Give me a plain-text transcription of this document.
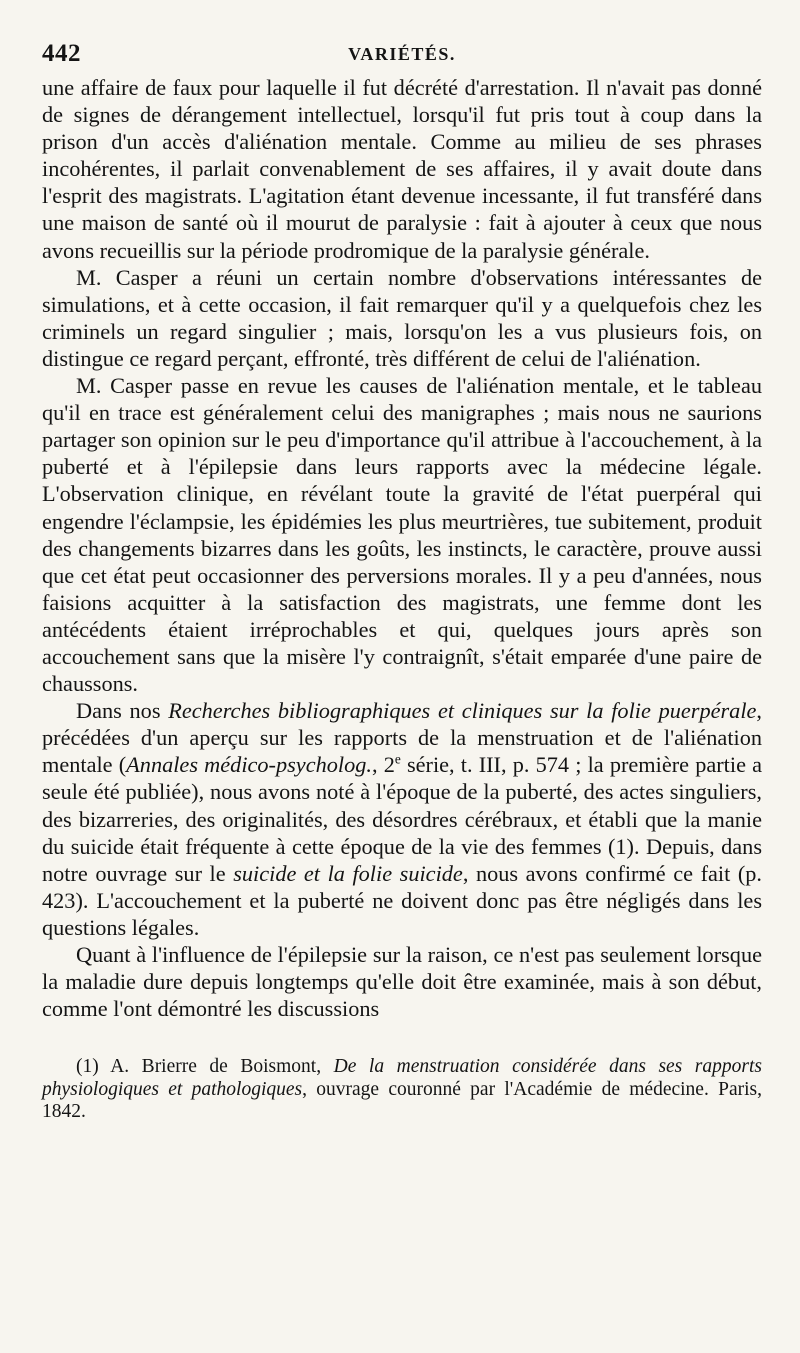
442	VARIÉTÉS.

une affaire de faux pour laquelle il fut décrété d'arrestation. Il n'avait pas donné de signes de dérangement intellectuel, lorsqu'il fut pris tout à coup dans la prison d'un accès d'aliénation mentale. Comme au milieu de ses phrases incohérentes, il parlait convenablement de ses affaires, il y avait doute dans l'esprit des magistrats. L'agitation étant devenue incessante, il fut transféré dans une maison de santé où il mourut de paralysie : fait à ajouter à ceux que nous avons recueillis sur la période prodromique de la paralysie générale.

M. Casper a réuni un certain nombre d'observations intéressantes de simulations, et à cette occasion, il fait remarquer qu'il y a quelquefois chez les criminels un regard singulier ; mais, lorsqu'on les a vus plusieurs fois, on distingue ce regard perçant, effronté, très différent de celui de l'aliénation.

M. Casper passe en revue les causes de l'aliénation mentale, et le tableau qu'il en trace est généralement celui des manigraphes ; mais nous ne saurions partager son opinion sur le peu d'importance qu'il attribue à l'accouchement, à la puberté et à l'épilepsie dans leurs rapports avec la médecine légale. L'observation clinique, en révélant toute la gravité de l'état puerpéral qui engendre l'éclampsie, les épidémies les plus meurtrières, tue subitement, produit des changements bizarres dans les goûts, les instincts, le caractère, prouve aussi que cet état peut occasionner des perversions morales. Il y a peu d'années, nous faisions acquitter à la satisfaction des magistrats, une femme dont les antécédents étaient irréprochables et qui, quelques jours après son accouchement sans que la misère l'y contraignît, s'était emparée d'une paire de chaussons.

Dans nos Recherches bibliographiques et cliniques sur la folie puerpérale, précédées d'un aperçu sur les rapports de la menstruation et de l'aliénation mentale (Annales médico-psycholog., 2e série, t. III, p. 574 ; la première partie a seule été publiée), nous avons noté à l'époque de la puberté, des actes singuliers, des bizarreries, des originalités, des désordres cérébraux, et établi que la manie du suicide était fréquente à cette époque de la vie des femmes (1). Depuis, dans notre ouvrage sur le suicide et la folie suicide, nous avons confirmé ce fait (p. 423). L'accouchement et la puberté ne doivent donc pas être négligés dans les questions légales.

Quant à l'influence de l'épilepsie sur la raison, ce n'est pas seulement lorsque la maladie dure depuis longtemps qu'elle doit être examinée, mais à son début, comme l'ont démontré les discussions

(1) A. Brierre de Boismont, De la menstruation considérée dans ses rapports physiologiques et pathologiques, ouvrage couronné par l'Académie de médecine. Paris, 1842.
